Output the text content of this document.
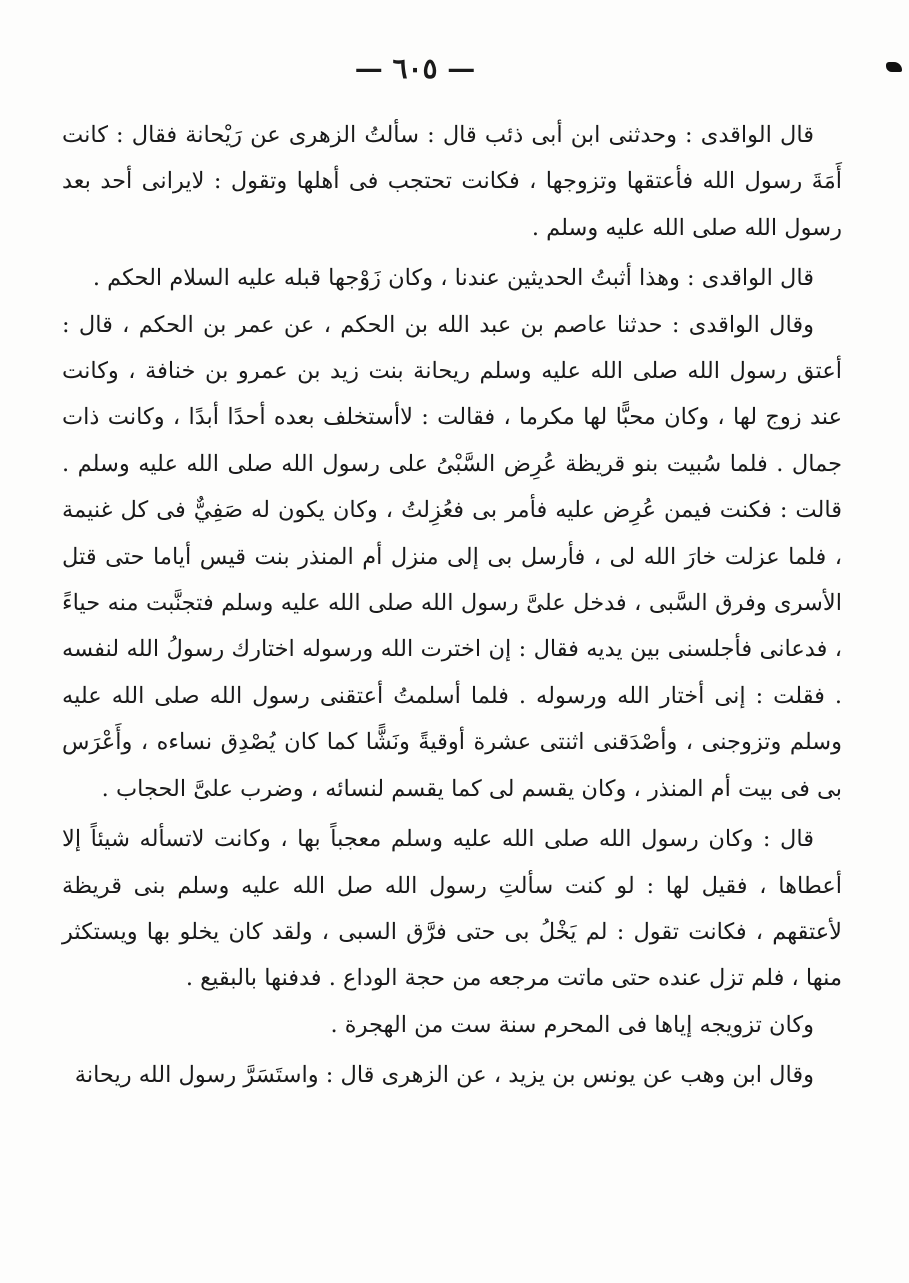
— ٦٠٥ —

قال الواقدى : وحدثنى ابن أبى ذئب قال : سألتُ الزهرى عن رَيْحانة فقال : كانت أَمَةَ رسول الله فأعتقها وتزوجها ، فكانت تحتجب فى أهلها وتقول : لايرانى أحد بعد رسول الله صلى الله عليه وسلم .

قال الواقدى : وهذا أثبتُ الحديثين عندنا ، وكان زَوْجها قبله عليه السلام الحكم .

وقال الواقدى : حدثنا عاصم بن عبد الله بن الحكم ، عن عمر بن الحكم ، قال : أعتق رسول الله صلى الله عليه وسلم ريحانة بنت زيد بن عمرو بن خنافة ، وكانت عند زوج لها ، وكان محبًّا لها مكرما ، فقالت : لاأستخلف بعده أحدًا أبدًا ، وكانت ذات جمال . فلما سُبيت بنو قريظة عُرِض السَّبْىُ على رسول الله صلى الله عليه وسلم . قالت : فكنت فيمن عُرِض عليه فأمر بى فعُزِلتُ ، وكان يكون له صَفِيٌّ فى كل غنيمة ، فلما عزلت خارَ الله لى ، فأرسل بى إلى منزل أم المنذر بنت قيس أياما حتى قتل الأسرى وفرق السَّبى ، فدخل علىَّ رسول الله صلى الله عليه وسلم فتجنَّبت منه حياءً ، فدعانى فأجلسنى بين يديه فقال : إن اخترت الله ورسوله اختارك رسولُ الله لنفسه . فقلت : إنى أختار الله ورسوله . فلما أسلمتُ أعتقنى رسول الله صلى الله عليه وسلم وتزوجنى ، وأصْدَقنى اثنتى عشرة أوقيةً ونَشًّا كما كان يُصْدِق نساءه ، وأَعْرَس بى فى بيت أم المنذر ، وكان يقسم لى كما يقسم لنسائه ، وضرب علىَّ الحجاب .

قال : وكان رسول الله صلى الله عليه وسلم معجباً بها ، وكانت لاتسأله شيئاً إلا أعطاها ، فقيل لها : لو كنت سألتِ رسول الله صل الله عليه وسلم بنى قريظة لأعتقهم ، فكانت تقول : لم يَخْلُ بى حتى فرَّق السبى ، ولقد كان يخلو بها ويستكثر منها ، فلم تزل عنده حتى ماتت مرجعه من حجة الوداع . فدفنها بالبقيع .

وكان تزويجه إياها فى المحرم سنة ست من الهجرة .

وقال ابن وهب عن يونس بن يزيد ، عن الزهرى قال : واستَسَرَّ رسول الله ريحانة
